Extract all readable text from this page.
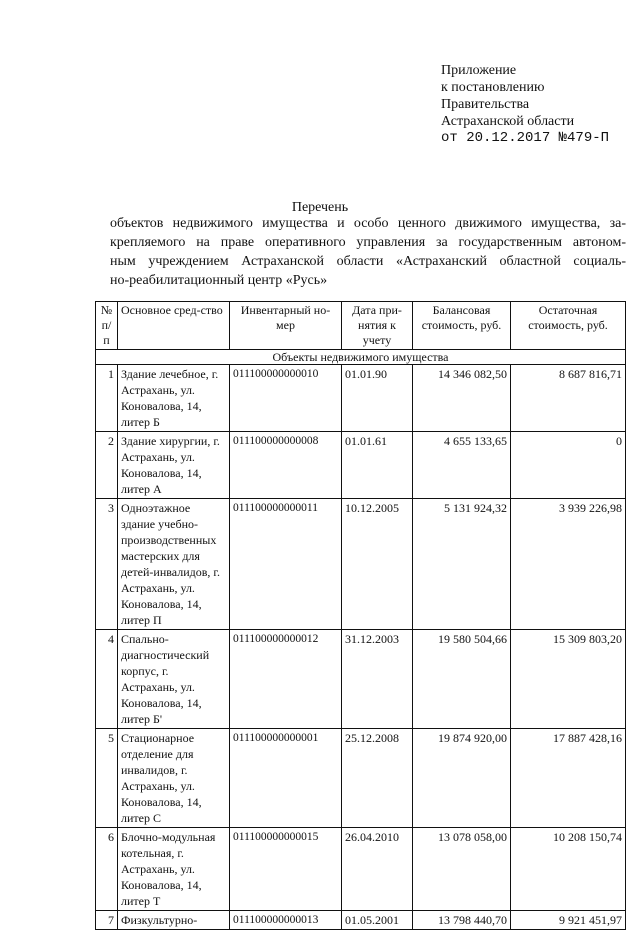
Приложение
к постановлению
Правительства
Астраханской области
от 20.12.2017 №479-П
Перечень
объектов недвижимого имущества и особо ценного движимого имущества, за-
крепляемого на праве оперативного управления за государственным автоном-
ным учреждением Астраханской области «Астраханский областной социаль-
но-реабилитационный центр «Русь»
№ п/п	Основное сред-ство	Инвентарный но-мер	Дата при-нятия к учету	Балансовая стоимость, руб.	Остаточная стоимость, руб.
Объекты недвижимого имущества					
1	Здание лечебное, г. Астрахань, ул. Коновалова, 14, литер Б	011100000000010	01.01.90	14 346 082,50	8 687 816,71
2	Здание хирургии, г. Астрахань, ул. Коновалова, 14, литер А	011100000000008	01.01.61	4 655 133,65	0
3	Одноэтажное здание учебно-производственных мастерских для детей-инвалидов, г. Астрахань, ул. Коновалова, 14, литер П	011100000000011	10.12.2005	5 131 924,32	3 939 226,98
4	Спально-диагностический корпус, г. Астрахань, ул. Коновалова, 14, литер Б'	011100000000012	31.12.2003	19 580 504,66	15 309 803,20
5	Стационарное отделение для инвалидов, г. Астрахань, ул. Коновалова, 14, литер С	011100000000001	25.12.2008	19 874 920,00	17 887 428,16
6	Блочно-модульная котельная, г. Астрахань, ул. Коновалова, 14, литер Т	011100000000015	26.04.2010	13 078 058,00	10 208 150,74
7	Физкультурно-	011100000000013	01.05.2001	13 798 440,70	9 921 451,97
